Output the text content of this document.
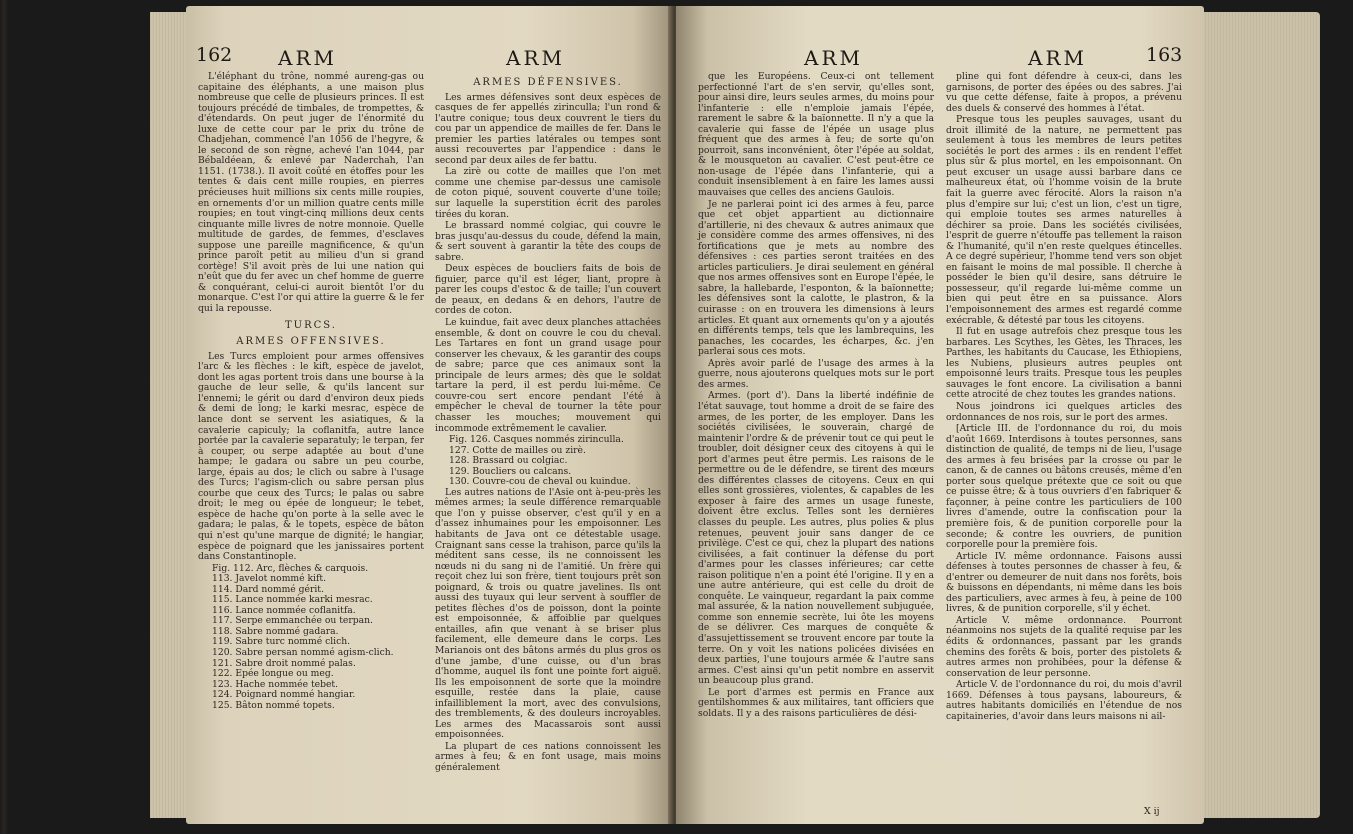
162 ARM	ARM

L'éléphant du trône, nommé aureng-gas ou capitaine des éléphants, a une maison plus nombreuse que celle de plusieurs princes. Il est toujours précédé de timbales, de trompettes, & d'étendards. On peut juger de l'énormité du luxe de cette cour par le prix du trône de Chadjehan, commencé l'an 1056 de l'hegyre, & le second de son règne, achevé l'an 1044, par Bébaldéean, & enlevé par Naderchah, l'an 1151. (1738.). Il avoit coûté en étoffes pour les tentes & dais cent mille roupies, en pierres précieuses huit millions six cents mille roupies, en ornements d'or un million quatre cents mille roupies; en tout vingt-cinq millions deux cents cinquante mille livres de notre monnoie. Quelle multitude de gardes, de femmes, d'esclaves suppose une pareille magnificence, & qu'un prince paroît petit au milieu d'un si grand cortège! S'il avoit près de lui une nation qui n'eût que du fer avec un chef homme de guerre & conquérant, celui-ci auroit bientôt l'or du monarque. C'est l'or qui attire la guerre & le fer qui la repousse.

TURCS.

ARMES OFFENSIVES.

Les Turcs emploient pour armes offensives l'arc & les flèches : le kift, espèce de javelot, dont les agas portent trois dans une bourse à la gauche de leur selle, & qu'ils lancent sur l'ennemi; le gérit ou dard d'environ deux pieds & demi de long; le karki mesrac, espèce de lance dont se servent les asiatiques, & la cavalerie capiculy; la coflanitfa, autre lance portée par la cavalerie separatuly; le terpan, fer à couper, ou serpe adaptée au bout d'une hampe; le gadara ou sabre un peu courbe, large, épais au dos; le clich ou sabre à l'usage des Turcs; l'agism-clich ou sabre persan plus courbe que ceux des Turcs; le palas ou sabre droit; le meg ou épée de longueur; le tebet, espèce de hache qu'on porte à la selle avec le gadara; le palas, & le topets, espèce de bâton qui n'est qu'une marque de dignité; le hangiar, espèce de poignard que les janissaires portent dans Constantinople.

Fig. 112. Arc, flèches & carquois.

113. Javelot nommé kift.

114. Dard nommé gérit.

115. Lance nommée karki mesrac.

116. Lance nommée coflanitfa.

117. Serpe emmanchée ou terpan.

118. Sabre nommé gadara.

119. Sabre turc nommé clich.

120. Sabre persan nommé agism-clich.

121. Sabre droit nommé palas.

122. Epée longue ou meg.

123. Hache nommée tebet.

124. Poignard nommé hangiar.

125. Bâton nommé topets.

ARMES DÉFENSIVES.

Les armes défensives sont deux espèces de casques de fer appellés zirinculla; l'un rond & l'autre conique; tous deux couvrent le tiers du cou par un appendice de mailles de fer. Dans le premier les parties latérales ou tempes sont aussi recouvertes par l'appendice : dans le second par deux ailes de fer battu.

La zirè ou cotte de mailles que l'on met comme une chemise par-dessus une camisole de coton piqué, souvent couverte d'une toile; sur laquelle la superstition écrit des paroles tirées du koran.

Le brassard nommé colgiac, qui couvre le bras jusqu'au-dessus du coude, défend la main, & sert souvent à garantir la tête des coups de sabre.

Deux espèces de boucliers faits de bois de figuier, parce qu'il est léger, liant, propre à parer les coups d'estoc & de taille; l'un couvert de peaux, en dedans & en dehors, l'autre de cordes de coton.

Le kuindue, fait avec deux planches attachées ensemble, & dont on couvre le cou du cheval. Les Tartares en font un grand usage pour conserver les chevaux, & les garantir des coups de sabre; parce que ces animaux sont la principale de leurs armes; dès que le soldat tartare la perd, il est perdu lui-même. Ce couvre-cou sert encore pendant l'été à empêcher le cheval de tourner la tête pour chasser les mouches; mouvement qui incommode extrêmement le cavalier.

Fig. 126. Casques nommés zirinculla.

127. Cotte de mailles ou zirè.

128. Brassard ou colgiac.

129. Boucliers ou calcans.

130. Couvre-cou de cheval ou kuindue.

Les autres nations de l'Asie ont à-peu-près les mêmes armes; la seule différence remarquable que l'on y puisse observer, c'est qu'il y en a d'assez inhumaines pour les empoisonner. Les habitants de Java ont ce détestable usage. Craignant sans cesse la trahison, parce qu'ils la méditent sans cesse, ils ne connoissent les nœuds ni du sang ni de l'amitié. Un frère qui reçoit chez lui son frère, tient toujours prêt son poignard, & trois ou quatre javelines. Ils ont aussi des tuyaux qui leur servent à souffler de petites flèches d'os de poisson, dont la pointe est empoisonnée, & affoiblie par quelques entailles, afin que venant à se briser plus facilement, elle demeure dans le corps. Les Marianois ont des bâtons armés du plus gros os d'une jambe, d'une cuisse, ou d'un bras d'homme, auquel ils font une pointe fort aiguë. Ils les empoisonnent de sorte que la moindre esquille, restée dans la plaie, cause infailliblement la mort, avec des convulsions, des tremblements, & des douleurs incroyables. Les armes des Macassarois sont aussi empoisonnées.

La plupart de ces nations connoissent les armes à feu; & en font usage, mais moins généralement

ARM	ARM	163

que les Européens. Ceux-ci ont tellement perfectionné l'art de s'en servir, qu'elles sont, pour ainsi dire, leurs seules armes, du moins pour l'infanterie : elle n'emploie jamais l'épée, rarement le sabre & la baïonnette. Il n'y a que la cavalerie qui fasse de l'épée un usage plus fréquent que des armes à feu; de sorte qu'on pourroit, sans inconvénient, ôter l'épée au soldat, & le mousqueton au cavalier. C'est peut-être ce non-usage de l'épée dans l'infanterie, qui a conduit insensiblement à en faire les lames aussi mauvaises que celles des anciens Gaulois.

Je ne parlerai point ici des armes à feu, parce que cet objet appartient au dictionnaire d'artillerie, ni des chevaux & autres animaux que je considère comme des armes offensives, ni des fortifications que je mets au nombre des défensives : ces parties seront traitées en des articles particuliers. Je dirai seulement en général que nos armes offensives sont en Europe l'épée, le sabre, la hallebarde, l'esponton, & la baïonnette; les défensives sont la calotte, le plastron, & la cuirasse : on en trouvera les dimensions à leurs articles. Et quant aux ornements qu'on y a ajoutés en différents temps, tels que les lambrequins, les panaches, les cocardes, les écharpes, &c. j'en parlerai sous ces mots.

Après avoir parlé de l'usage des armes à la guerre, nous ajouterons quelques mots sur le port des armes.

Armes. (port d'). Dans la liberté indéfinie de l'état sauvage, tout homme a droit de se faire des armes, de les porter, de les employer. Dans les sociétés civilisées, le souverain, chargé de maintenir l'ordre & de prévenir tout ce qui peut le troubler, doit désigner ceux des citoyens à qui le port d'armes peut être permis. Les raisons de le permettre ou de le défendre, se tirent des mœurs des différentes classes de citoyens. Ceux en qui elles sont grossières, violentes, & capables de les exposer à faire des armes un usage funeste, doivent être exclus. Telles sont les dernières classes du peuple. Les autres, plus polies & plus retenues, peuvent jouir sans danger de ce privilège. C'est ce qui, chez la plupart des nations civilisées, a fait continuer la défense du port d'armes pour les classes inférieures; car cette raison politique n'en a point été l'origine. Il y en a une autre antérieure, qui est celle du droit de conquête. Le vainqueur, regardant la paix comme mal assurée, & la nation nouvellement subjuguée, comme son ennemie secrète, lui ôte les moyens de se délivrer. Ces marques de conquête & d'assujettissement se trouvent encore par toute la terre. On y voit les nations policées divisées en deux parties, l'une toujours armée & l'autre sans armes. C'est ainsi qu'un petit nombre en asservit un beaucoup plus grand.

Le port d'armes est permis en France aux gentilshommes & aux militaires, tant officiers que soldats. Il y a des raisons particulières de dési-

pline qui font défendre à ceux-ci, dans les garnisons, de porter des épées ou des sabres. J'ai vu que cette défense, faite à propos, a prévenu des duels & conservé des hommes à l'état.

Presque tous les peuples sauvages, usant du droit illimité de la nature, ne permettent pas seulement à tous les membres de leurs petites sociétés le port des armes : ils en rendent l'effet plus sûr & plus mortel, en les empoisonnant. On peut excuser un usage aussi barbare dans ce malheureux état, où l'homme voisin de la brute fait la guerre avec férocité. Alors la raison n'a plus d'empire sur lui; c'est un lion, c'est un tigre, qui emploie toutes ses armes naturelles à déchirer sa proie. Dans les sociétés civilisées, l'esprit de guerre n'étouffe pas tellement la raison & l'humanité, qu'il n'en reste quelques étincelles. A ce degré supérieur, l'homme tend vers son objet en faisant le moins de mal possible. Il cherche à posséder le bien qu'il desire, sans détruire le possesseur, qu'il regarde lui-même comme un bien qui peut être en sa puissance. Alors l'empoisonnement des armes est regardé comme exécrable, & détesté par tous les citoyens.

Il fut en usage autrefois chez presque tous les barbares. Les Scythes, les Gètes, les Thraces, les Parthes, les habitants du Caucase, les Éthiopiens, les Nubiens, plusieurs autres peuples ont empoisonné leurs traits. Presque tous les peuples sauvages le font encore. La civilisation a banni cette atrocité de chez toutes les grandes nations.

Nous joindrons ici quelques articles des ordonnances de nos rois, sur le port des armes.

[Article III. de l'ordonnance du roi, du mois d'août 1669. Interdisons à toutes personnes, sans distinction de qualité, de temps ni de lieu, l'usage des armes à feu brisées par la crosse ou par le canon, & de cannes ou bâtons creusés, même d'en porter sous quelque prétexte que ce soit ou que ce puisse être; & à tous ouvriers d'en fabriquer & façonner, à peine contre les particuliers de 100 livres d'amende, outre la confiscation pour la première fois, & de punition corporelle pour la seconde; & contre les ouvriers, de punition corporelle pour la première fois.

Article IV. même ordonnance. Faisons aussi défenses à toutes personnes de chasser à feu, & d'entrer ou demeurer de nuit dans nos forêts, bois & buissons en dépendants, ni même dans les bois des particuliers, avec armes à feu, à peine de 100 livres, & de punition corporelle, s'il y échet.

Article V. même ordonnance. Pourront néanmoins nos sujets de la qualité requise par les édits & ordonnances, passant par les grands chemins des forêts & bois, porter des pistolets & autres armes non prohibées, pour la défense & conservation de leur personne.

Article V. de l'ordonnance du roi, du mois d'avril 1669. Défenses à tous paysans, laboureurs, & autres habitants domiciliés en l'étendue de nos capitaineries, d'avoir dans leurs maisons ni ail-

X ij
